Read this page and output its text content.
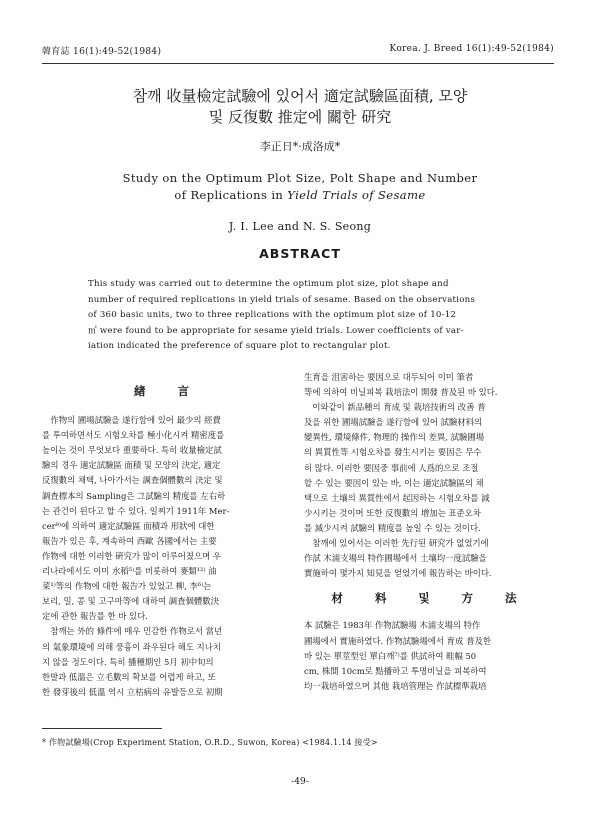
韓育誌 16(1):49-52(1984)	Korea. J. Breed 16(1):49-52(1984)
참깨 收量檢定試驗에 있어서 適定試驗區面積, 모양
및 反復數 推定에 關한 研究
李正日*·成洛成*
Study on the Optimum Plot Size, Polt Shape and Number
of Replications in Yield Trials of Sesame
J. I. Lee and N. S. Seong
ABSTRACT

This study was carried out to determine the optimum plot size, plot shape and
number of required replications in yield trials of sesame. Based on the observations
of 360 basic units, two to three replications with the optimum plot size of 10-12
㎡ were found to be appropriate for sesame yield trials. Lower coefficients of var-
iation indicated the preference of square plot to rectangular plot.

緖 言

　作物의 圃場試驗을 遂行함에 있어 最少의 經費

를 투여하면서도 시험오차를 極小化시켜 精密度를

높이는 것이 무엇보다 重要하다. 특히 收量檢定試

驗의 경우 適定試驗區 面積 및 모양의 決定, 適定

反復數의 채택, 나아가서는 調査個體數의 決定 및

調査標本의 Sampling은 그試驗의 精度를 左右하

는 관건이 된다고 할 수 있다. 일찌기 1911年 Mer-

cer⁹⁾에 의하여 適定試驗區 面積과 形狀에 대한

報告가 있은 후, 계속하여 西歐 各國에서는 主要

作物에 대한 이러한 硏究가 많이 이루어졌으며 우

리나라에서도 이미 水稻⁵⁾를 비롯하여 麥類¹²⁾ 油

菜¹⁾等의 作物에 대한 報告가 있었고 柳, 李⁶⁾는

보리, 밀, 콩 및 고구마等에 대하여 調査個體數決

定에 관한 報告를 한 바 있다.

　참깨는 外的 條件에 매우 민감한 作物로서 當년

의 氣象環境에 의해 풍흉이 좌우된다 해도 지나치

지 않을 정도이다. 특히 播種期인 5月 初中旬의

한발과 低溫은 立毛數의 확보를 어렵게 하고, 또

한 發芽後의 低溫 역시 立枯病의 유발등으로 初期

生育을 沮害하는 要因으로 대두되어 이미 筆者

等에 의하여 비닐피복 栽培法이 開發 普及된 바 있다.

　이와같이 新品種의 育成 및 栽培技術의 改善 普

及을 위한 圃場試驗을 遂行함에 있어 試驗材料의

變異性, 環境條件, 物理的 操作의 差異, 試驗圃場

의 異質性等 시험오차를 發生시키는 要因은 무수

히 많다. 이러한 要因중 事前에 人爲的으로 조절

할 수 있는 要因이 있는 바, 이는 適定試驗區의 채

택으로 土壤의 異質性에서 起因하는 시험오차를 減

少시키는 것이며 또한 反復數의 增加는 표준오차

를 減少시켜 試驗의 精度를 높일 수 있는 것이다.

　참깨에 있어서는 이러한 先行된 研究가 없었기에

作試 木浦支場의 特作圃場에서 土壤均一度試驗을

實施하여 몇가지 知見을 얻었기에 報告하는 바이다.

材 料 및 方 法

本 試驗은 1983年 作物試驗場 木浦支場의 特作

圃場에서 實施하였다. 作物試驗場에서 育成 普及한

바 있는 單莖型인 單白깨⁷⁾를 供試하여 畦幅 50

cm, 株間 10cm로 點播하고 투명비닐을 피복하여

均一栽培하였으며 其他 栽培管理는 作試標準栽培

* 作物試驗場(Crop Experiment Station, O.R.D., Suwon, Korea) <1984.1.14 接受>
-49-
